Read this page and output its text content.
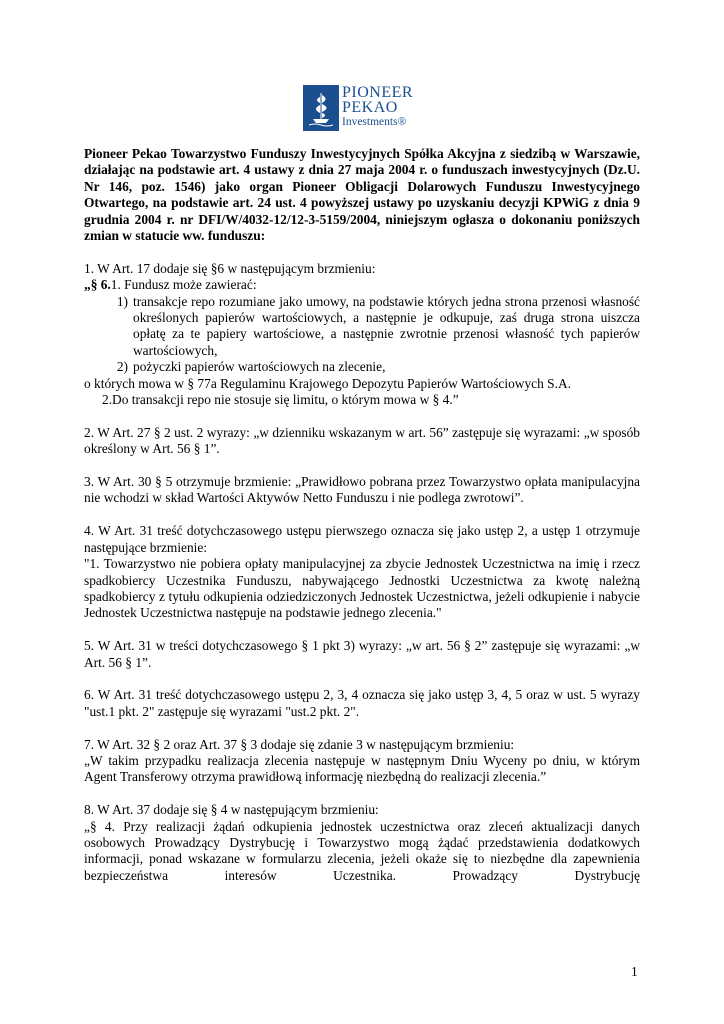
PIONEER
PEKAO
Investments®

Pioneer Pekao Towarzystwo Funduszy Inwestycyjnych Spółka Akcyjna z siedzibą w Warszawie, działając na podstawie art. 4 ustawy z dnia 27 maja 2004 r. o funduszach inwestycyjnych (Dz.U. Nr 146, poz. 1546) jako organ Pioneer Obligacji Dolarowych Funduszu Inwestycyjnego Otwartego, na podstawie art. 24 ust. 4 powyższej ustawy po uzyskaniu decyzji KPWiG z dnia 9 grudnia 2004 r. nr DFI/W/4032-12/12-3-5159/2004, niniejszym ogłasza o dokonaniu poniższych zmian w statucie ww. funduszu:

1. W Art. 17 dodaje się §6 w następującym brzmieniu:

„§ 6.1. Fundusz może zawierać:

1) transakcje repo rozumiane jako umowy, na podstawie których jedna strona przenosi własność określonych papierów wartościowych, a następnie je odkupuje, zaś druga strona uiszcza opłatę za te papiery wartościowe, a następnie zwrotnie przenosi własność tych papierów wartościowych,
2) pożyczki papierów wartościowych na zlecenie,

o których mowa w § 77a Regulaminu Krajowego Depozytu Papierów Wartościowych S.A.

2.Do transakcji repo nie stosuje się limitu, o którym mowa w § 4.”

2. W Art. 27 § 2 ust. 2 wyrazy: „w dzienniku wskazanym w art. 56” zastępuje się wyrazami: „w sposób określony w Art. 56 § 1”.

3. W Art. 30 § 5 otrzymuje brzmienie: „Prawidłowo pobrana przez Towarzystwo opłata manipulacyjna nie wchodzi w skład Wartości Aktywów Netto Funduszu i nie podlega zwrotowi”.

4. W Art. 31 treść dotychczasowego ustępu pierwszego oznacza się jako ustęp 2, a ustęp 1 otrzymuje następujące brzmienie:

"1. Towarzystwo nie pobiera opłaty manipulacyjnej za zbycie Jednostek Uczestnictwa na imię i rzecz spadkobiercy Uczestnika Funduszu, nabywającego Jednostki Uczestnictwa za kwotę należną spadkobiercy z tytułu odkupienia odziedziczonych Jednostek Uczestnictwa, jeżeli odkupienie i nabycie Jednostek Uczestnictwa następuje na podstawie jednego zlecenia."

5. W Art. 31 w treści dotychczasowego § 1 pkt 3) wyrazy: „w art. 56 § 2” zastępuje się wyrazami: „w Art. 56 § 1”.

6. W Art. 31 treść dotychczasowego ustępu 2, 3, 4 oznacza się jako ustęp 3, 4, 5 oraz w ust. 5 wyrazy "ust.1 pkt. 2" zastępuje się wyrazami "ust.2 pkt. 2".

7. W Art. 32 § 2 oraz Art. 37 § 3 dodaje się zdanie 3 w następującym brzmieniu:

„W takim przypadku realizacja zlecenia następuje w następnym Dniu Wyceny po dniu, w którym Agent Transferowy otrzyma prawidłową informację niezbędną do realizacji zlecenia.”

8. W Art. 37 dodaje się § 4 w następującym brzmieniu:

„§ 4. Przy realizacji żądań odkupienia jednostek uczestnictwa oraz zleceń aktualizacji danych osobowych Prowadzący Dystrybucję i Towarzystwo mogą żądać przedstawienia dodatkowych informacji, ponad wskazane w formularzu zlecenia, jeżeli okaże się to niezbędne dla zapewnienia bezpieczeństwa interesów Uczestnika. Prowadzący Dystrybucję

1
